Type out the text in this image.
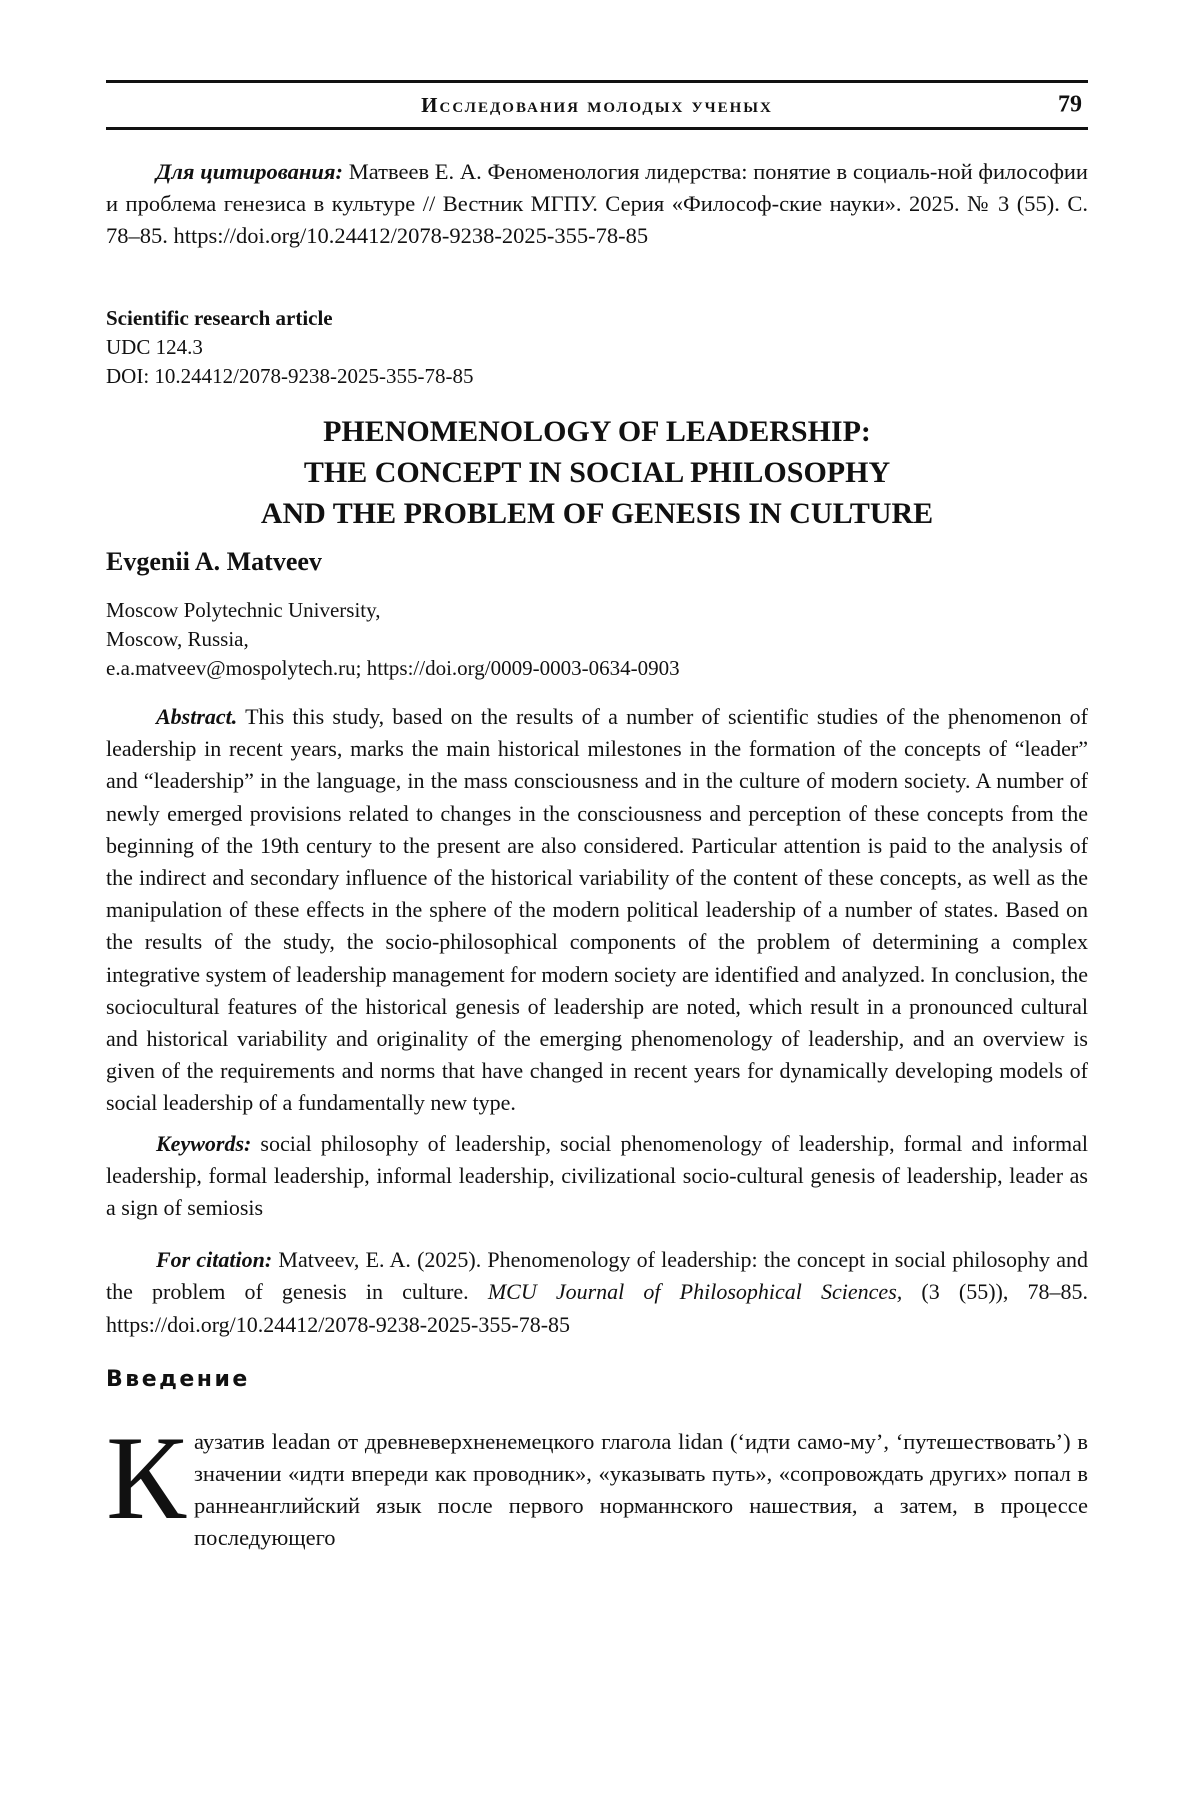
Исследования молодых ученых	79
Для цитирования: Матвеев Е. А. Феноменология лидерства: понятие в социаль-ной философии и проблема генезиса в культуре // Вестник МГПУ. Серия «Философ-ские науки». 2025. № 3 (55). С. 78–85. https://doi.org/10.24412/2078-9238-2025-355-78-85
Scientific research article
UDC 124.3
DOI: 10.24412/2078-9238-2025-355-78-85
PHENOMENOLOGY OF LEADERSHIP:
THE CONCEPT IN SOCIAL PHILOSOPHY
AND THE PROBLEM OF GENESIS IN CULTURE
Evgenii A. Matveev
Moscow Polytechnic University,
Moscow, Russia,
e.a.matveev@mospolytech.ru; https://doi.org/0009-0003-0634-0903
Abstract. This this study, based on the results of a number of scientific studies of the phe­nomenon of leadership in recent years, marks the main historical milestones in the forma­tion of the concepts of “leader” and “leadership” in the language, in the mass consciousness and in the culture of modern society. A number of newly emerged provisions related to changes in the consciousness and perception of these concepts from the beginning of the 19th century to the present are also considered. Particular attention is paid to the analysis of the indirect and secondary influence of the historical variability of the content of these concepts, as well as the manipulation of these effects in the sphere of the modern political leadership of a number of states. Based on the results of the study, the socio-philosophical components of the prob­lem of determining a complex integrative system of leadership management for modern society are identified and analyzed. In conclusion, the sociocultural features of the historical genesis of leadership are noted, which result in a pronounced cultural and historical variabili­ty and originality of the emerging phenomenology of leadership, and an overview is given of the requirements and norms that have changed in recent years for dynamically developing models of social leadership of a fundamentally new type.
Keywords: social philosophy of leadership, social phenomenology of leadership, formal and informal leadership, formal leadership, informal leadership, civilizational socio-cultural genesis of leadership, leader as a sign of semiosis
For citation: Matveev, E. A. (2025). Phenomenology of leadership: the concept in social philosophy and the problem of genesis in culture. MCU Journal of Philosophical Sciences, (3 (55)), 78–85. https://doi.org/10.24412/2078-9238-2025-355-78-85
Введение
К аузатив leadan от древневерхненемецкого глагола lidan (‘идти само-му’, ‘путешествовать’) в значении «идти впереди как проводник», «указывать путь», «сопровождать других» попал в раннеанглийский язык после первого норманнского нашествия, а затем, в процессе последующего
